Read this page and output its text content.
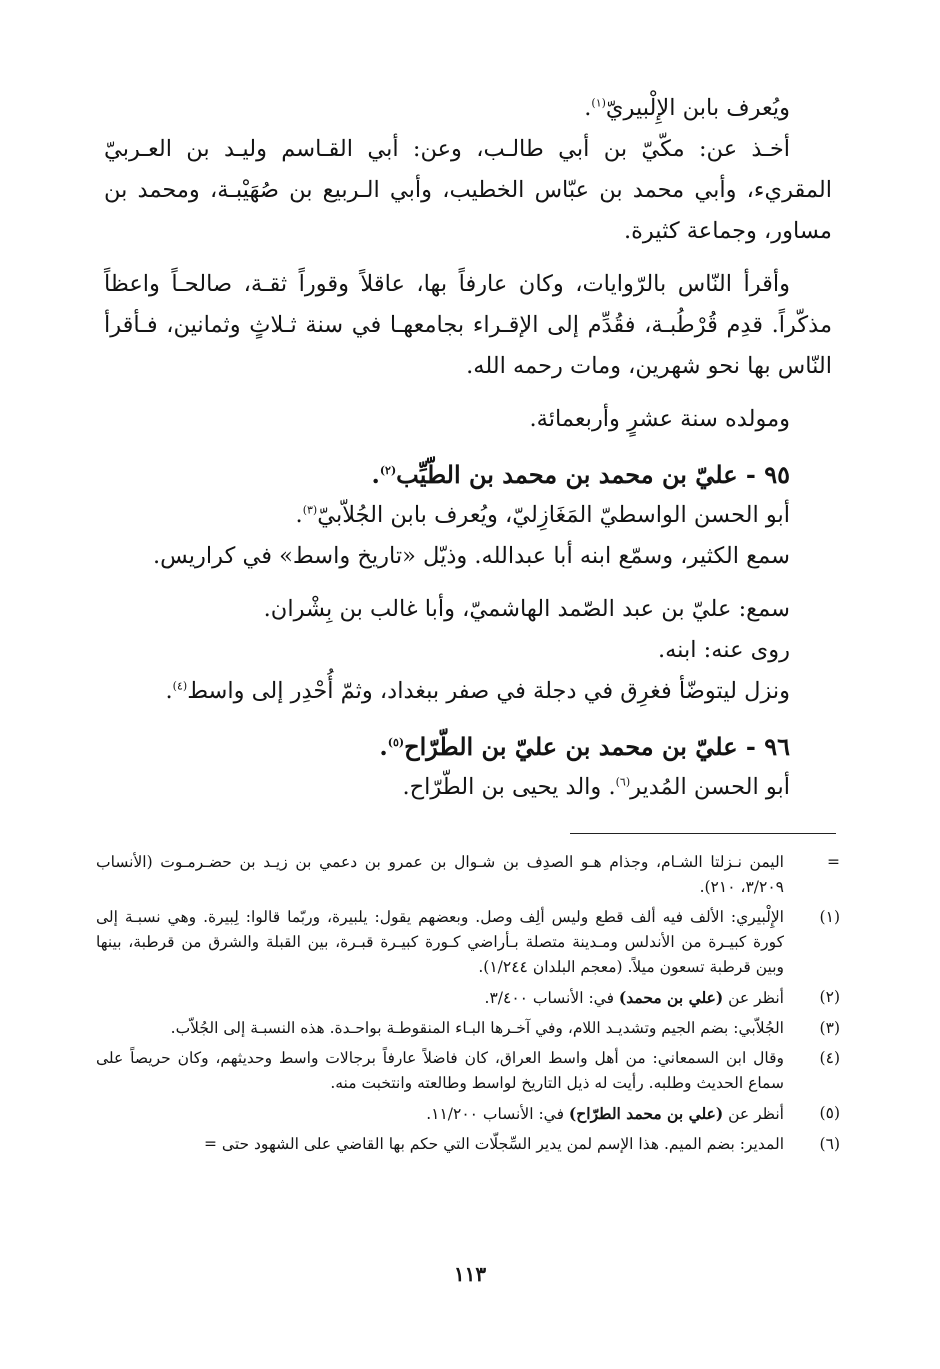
ويُعرف بابن الإِلْبيريّ$^{(١)}$.

أخـذ عن: مكّيّ بن أبي طالـب، وعن: أبي القـاسم وليـد بن العـربيّ المقريء، وأبي محمد بن عبّاس الخطيب، وأبي الـربيع بن صُهَيْبـة، ومحمد بن مساور، وجماعة كثيرة.

وأقرأ النّاس بالرّوايات، وكان عارفاً بها، عاقلاً وقوراً ثقـة، صالحـاً واعظاً مذكّراً. قدِم قُرْطُبـة، فقُدِّم إلى الإقـراء بجامعهـا في سنة ثـلاثٍ وثمانين، فـأقرأ النّاس بها نحو شهرين، ومات رحمه الله.

ومولده سنة عشرٍ وأربعمائة.

٩٥ - عليّ بن محمد بن محمد بن الطّيِّب$^{(٢)}$.

أبو الحسن الواسطيّ المَغَازِليّ، ويُعرف بابن الجُلاّبيّ$^{(٣)}$.

سمع الكثير، وسمّع ابنه أبا عبدالله. وذيّل «تاريخ واسط» في كراريس.

سمع: عليّ بن عبد الصّمد الهاشميّ، وأبا غالب بن بِشْران.

روى عنه: ابنه.

ونزل ليتوضّأ فغرِق في دجلة في صفر ببغداد، وثمّ أُحْدِر إلى واسط$^{(٤)}$.

٩٦ - عليّ بن محمد بن عليّ بن الطّرّاح$^{(٥)}$.

أبو الحسن المُدير$^{(٦)}$. والد يحيى بن الطّرّاح.

=
اليمن نـزلتا الشـام، وجذام هـو الصدِف بن شـوال بن عمرو بن دعمي بن زيـد بن حضـرمـوت (الأنساب ٣/٢٠٩، ٢١٠).
(١)
الإِلْبيري: الألف فيه ألف قطع وليس ألِف وصل. وبعضهم يقول: يلبيرة، وربّما قالوا: لِبيرة. وهي نسبـة إلى كورة كبيـرة من الأندلس ومـدينة متصلة بـأراضي كـورة كبيـرة قبـرة، بين القبلة والشرق من قرطبة، بينها وبين قرطبة تسعون ميلاً. (معجم البلدان ١/٢٤٤).
(٢)
أنظر عن (علي بن محمد) في: الأنساب ٣/٤٠٠.
(٣)
الجُلاّبي: بضم الجيم وتشديـد اللام، وفي آخـرها البـاء المنقوطـة بواحـدة. هذه النسبـة إلى الجُلاّب.
(٤)
وقال ابن السمعاني: من أهل واسط العراق، كان فاضلاً عارفاً برجالات واسط وحديثهم، وكان حريصاً على سماع الحديث وطلبه. رأيت له ذيل التاريخ لواسط وطالعته وانتخبت منه.
(٥)
أنظر عن (علي بن محمد الطرّاح) في: الأنساب ١١/٢٠٠.
(٦)
المدير: بضم الميم. هذا الإسم لمن يدير السِّجلّات التي حكم بها القاضي على الشهود حتى =
١١٣
